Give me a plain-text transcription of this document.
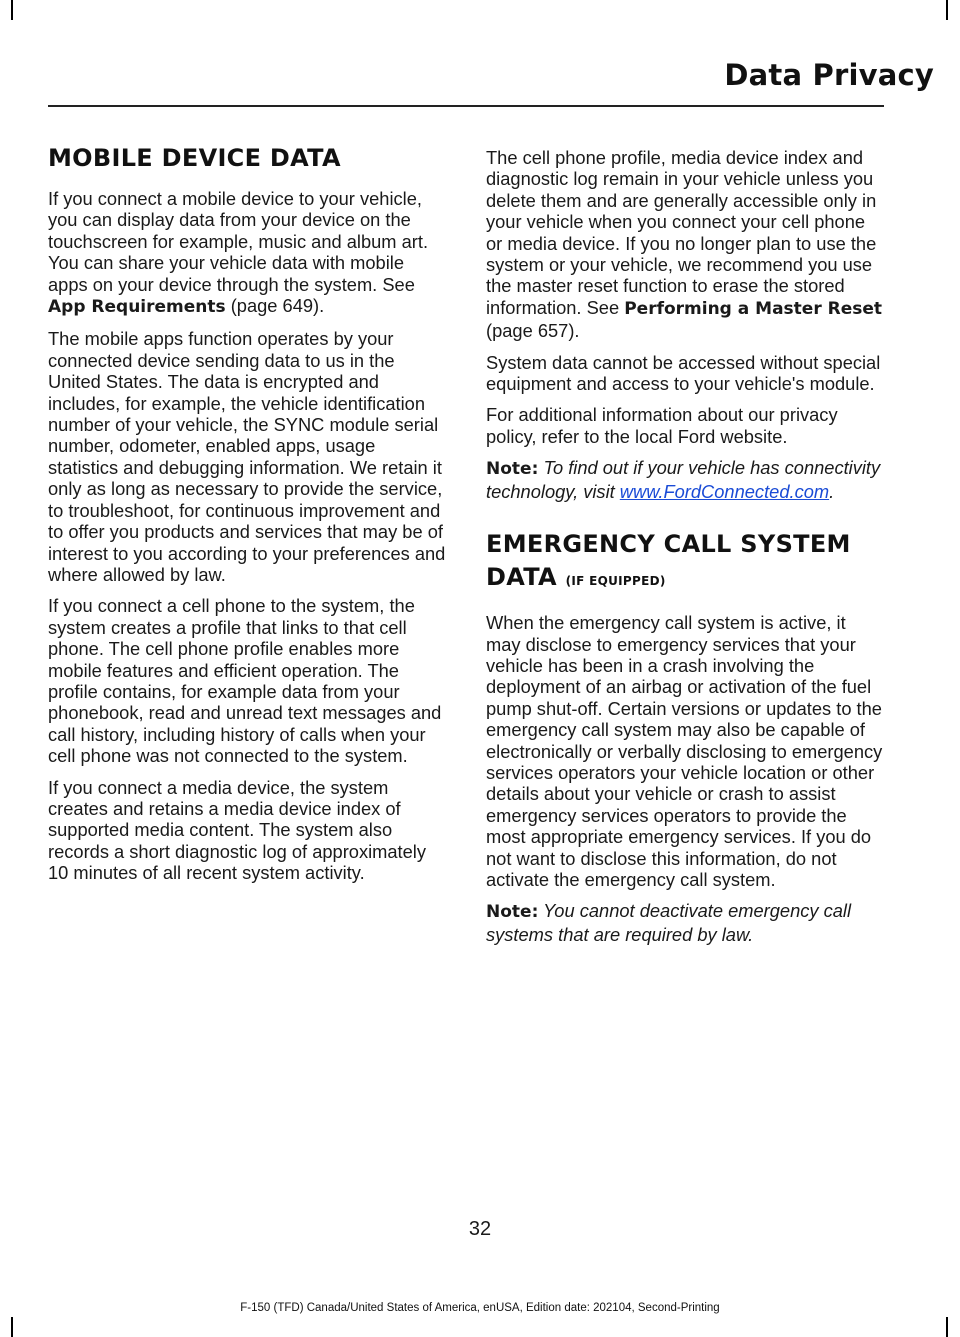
Data Privacy
MOBILE DEVICE DATA

If you connect a mobile device to your vehicle, you can display data from your device on the touchscreen for example, music and album art. You can share your vehicle data with mobile apps on your device through the system. See App Requirements (page 649).

The mobile apps function operates by your connected device sending data to us in the United States. The data is encrypted and includes, for example, the vehicle identification number of your vehicle, the SYNC module serial number, odometer, enabled apps, usage statistics and debugging information. We retain it only as long as necessary to provide the service, to troubleshoot, for continuous improvement and to offer you products and services that may be of interest to you according to your preferences and where allowed by law.

If you connect a cell phone to the system, the system creates a profile that links to that cell phone. The cell phone profile enables more mobile features and efficient operation. The profile contains, for example data from your phonebook, read and unread text messages and call history, including history of calls when your cell phone was not connected to the system.

If you connect a media device, the system creates and retains a media device index of supported media content. The system also records a short diagnostic log of approximately 10 minutes of all recent system activity.

The cell phone profile, media device index and diagnostic log remain in your vehicle unless you delete them and are generally accessible only in your vehicle when you connect your cell phone or media device. If you no longer plan to use the system or your vehicle, we recommend you use the master reset function to erase the stored information. See Performing a Master Reset (page 657).

System data cannot be accessed without special equipment and access to your vehicle's module.

For additional information about our privacy policy, refer to the local Ford website.

Note: To find out if your vehicle has connectivity technology, visit www.FordConnected.com.

EMERGENCY CALL SYSTEM DATA (IF EQUIPPED)

When the emergency call system is active, it may disclose to emergency services that your vehicle has been in a crash involving the deployment of an airbag or activation of the fuel pump shut-off. Certain versions or updates to the emergency call system may also be capable of electronically or verbally disclosing to emergency services operators your vehicle location or other details about your vehicle or crash to assist emergency services operators to provide the most appropriate emergency services. If you do not want to disclose this information, do not activate the emergency call system.

Note: You cannot deactivate emergency call systems that are required by law.

32
F-150 (TFD) Canada/United States of America, enUSA, Edition date: 202104, Second-Printing
